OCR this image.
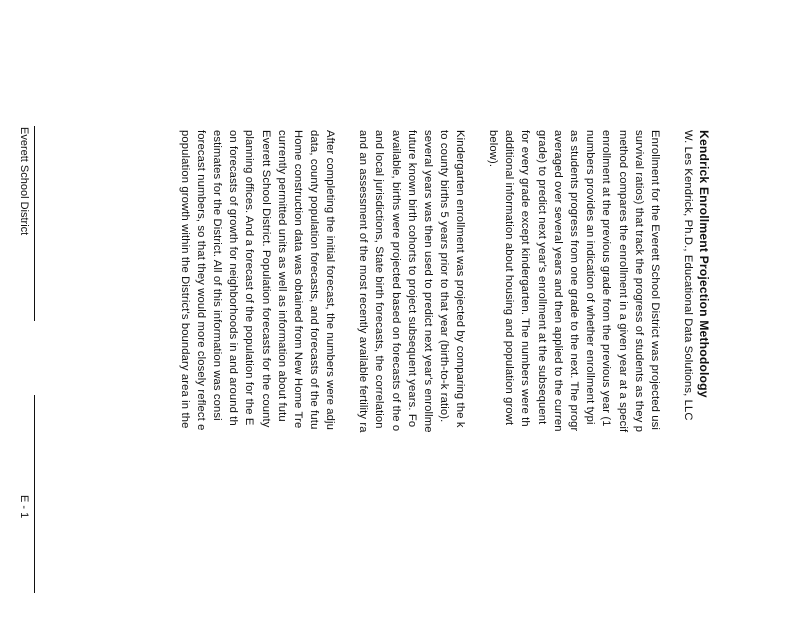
Kendrick Enrollment Projection Methodology
W. Les Kendrick, Ph.D., Educational Data Solutions, LLC
Enrollment for the Everett School District was projected usi
survival ratios) that track the progress of students as they p
method compares the enrollment in a given year at a specif
enrollment at the previous grade from the previous year (1
numbers provides an indication of whether enrollment typi
as students progress from one grade to the next. The progr
averaged over several years and then applied to the curren
grade) to predict next year's enrollment at the subsequent
for every grade except kindergarten. The numbers were th
additional information about housing and population growt
below).
Kindergarten enrollment was projected by comparing the k
to county births 5 years prior to that year (birth-to-k ratio).
several years was then used to predict next year's enrollme
future known birth cohorts to project subsequent years. Fo
available, births were projected based on forecasts of the o
and local jurisdictions, State birth forecasts, the correlation
and an assessment of the most recently available fertility ra
After completing the initial forecast, the numbers were adju
data, county population forecasts, and forecasts of the futu
Home construction data was obtained from New Home Tre
currently permitted units as well as information about futu
Everett School District. Population forecasts for the county
planning offices. And a forecast of the population for the E
on forecasts of growth for neighborhoods in and around th
estimates for the District. All of this information was consi
forecast numbers, so that they would more closely reflect e
population growth within the District's boundary area in the
Everett School District
E - 1
